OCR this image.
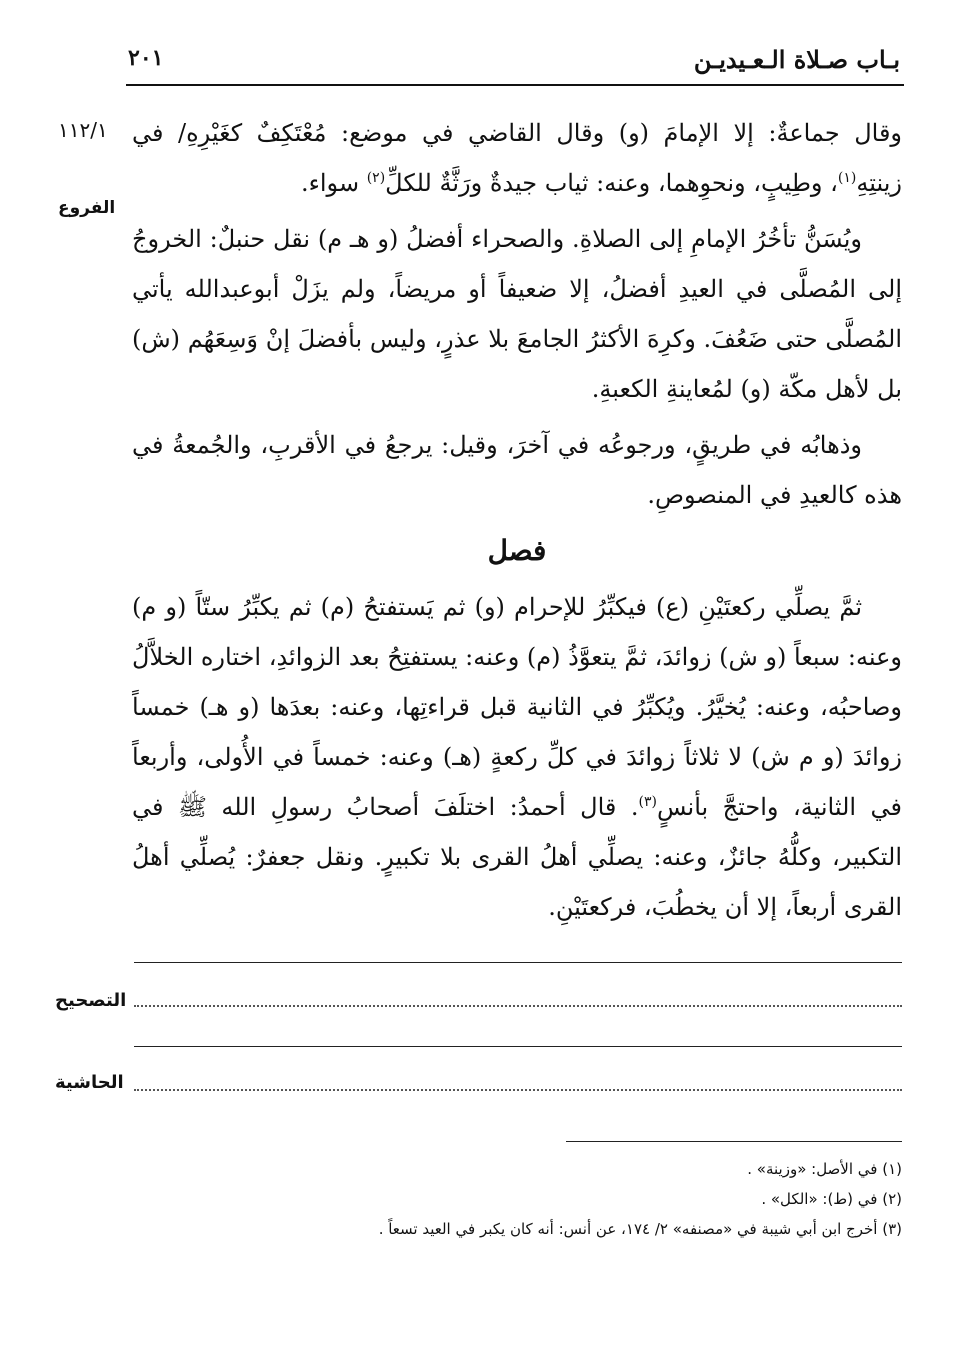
بـاب صـلاة الـعـيديـن
٢٠١
١١٢/١
الفروع

وقال جماعةٌ: إلا الإمامَ (و) وقال القاضي في موضع: مُعْتَكِفٌ كغَيْرِهِ/ في زينتِهِ$^{(١)}$، وطِيبٍ، ونحوِهما، وعنه: ثياب جيدةٌ ورَثَّةٌ للكلِّ$^{(٢)}$ سواء.

ويُسَنُّ تأخُرُ الإمامِ إلى الصلاةِ. والصحراء أفضلُ (و هـ م) نقل حنبلٌ: الخروجُ إلى المُصلَّى في العيدِ أفضلُ، إلا ضعيفاً أو مريضاً، ولم يزَلْ أبوعبدالله يأتي المُصلَّى حتى ضَعُفَ. وكرِهَ الأكثرُ الجامعَ بلا عذرٍ، وليس بأفضلَ إنْ وَسِعَهُم (ش) بل لأهل مكّة (و) لمُعاينةِ الكعبةِ.

وذهابُه في طريقٍ، ورجوعُه في آخرَ، وقيل: يرجعُ في الأقربِ، والجُمعةُ في هذه كالعيدِ في المنصوصِ.

فصل

ثمَّ يصلِّي ركعتَيْنِ (ع) فيكبِّرُ للإحرام (و) ثم يَستفتحُ (م) ثم يكبِّرُ ستّاً (و م) وعنه: سبعاً (و ش) زوائدَ، ثمَّ يتعوَّذُ (م) وعنه: يستفتِحُ بعد الزوائدِ، اختاره الخلاَّلُ وصاحبُه، وعنه: يُخيَّرُ. ويُكبِّرُ في الثانية قبل قراءتِها، وعنه: بعدَها (و هـ) خمساً زوائدَ (و م ش) لا ثلاثاً زوائدَ في كلِّ ركعةٍ (هـ) وعنه: خمساً في الأُولى، وأربعاً في الثانية، واحتجَّ بأنسٍ$^{(٣)}$. قال أحمدُ: اختلَفَ أصحابُ رسولِ الله ﷺ في التكبير، وكلُّهُ جائزٌ، وعنه: يصلِّي أهلُ القرى بلا تكبيرٍ. ونقل جعفرٌ: يُصلِّي أهلُ القرى أربعاً، إلا أن يخطُبَ، فركعتَيْنِ.

التصحيح
الحاشية
(١) في الأصل: «وزينة» .
(٢) في (ط): «الكل» .
(٣) أخرج ابن أبي شيبة في «مصنفه» ٢/ ١٧٤، عن أنس: أنه كان يكبر في العيد تسعاً .
